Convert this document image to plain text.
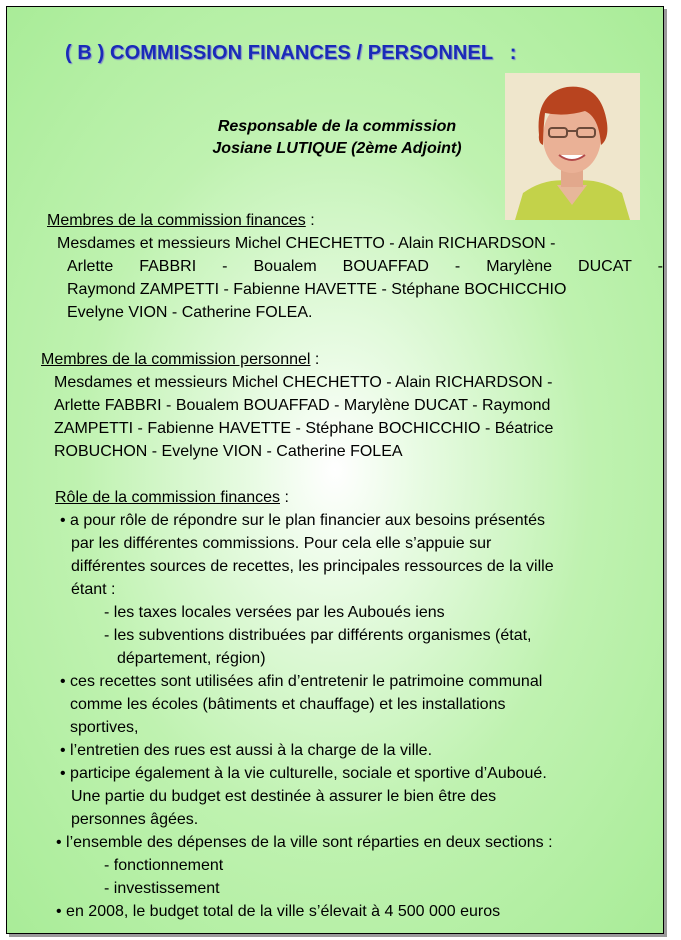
( B ) COMMISSION FINANCES / PERSONNEL   :
Responsable de la commission
Josiane LUTIQUE (2ème Adjoint)
Membres de la commission finances :
Mesdames et messieurs Michel CHECHETTO - Alain RICHARDSON -
Arlette FABBRI - Boualem BOUAFFAD - Marylène DUCAT -
Raymond ZAMPETTI - Fabienne HAVETTE - Stéphane BOCHICCHIO
Evelyne VION - Catherine FOLEA.
Membres de la commission personnel :
Mesdames et messieurs Michel CHECHETTO - Alain RICHARDSON -
Arlette FABBRI - Boualem BOUAFFAD - Marylène DUCAT - Raymond
ZAMPETTI - Fabienne HAVETTE - Stéphane BOCHICCHIO - Béatrice
ROBUCHON - Evelyne VION - Catherine FOLEA
Rôle de la commission finances :
• a pour rôle de répondre sur le plan financier aux besoins présentés
par les différentes commissions. Pour cela elle s’appuie sur
différentes sources de recettes, les principales ressources de la ville
étant :
- les taxes locales versées par les Auboués iens
- les subventions distribuées par différents organismes (état,
département, région)
• ces recettes sont utilisées afin d’entretenir le patrimoine communal
comme les écoles (bâtiments et chauffage) et les installations
sportives,
• l’entretien des rues est aussi à la charge de la ville.
• participe également à la vie culturelle, sociale et sportive d’Auboué.
Une partie du budget est destinée à assurer le bien être des
personnes âgées.
• l’ensemble des dépenses de la ville sont réparties en deux sections :
- fonctionnement
- investissement
• en 2008, le budget total de la ville s’élevait à 4 500 000 euros
